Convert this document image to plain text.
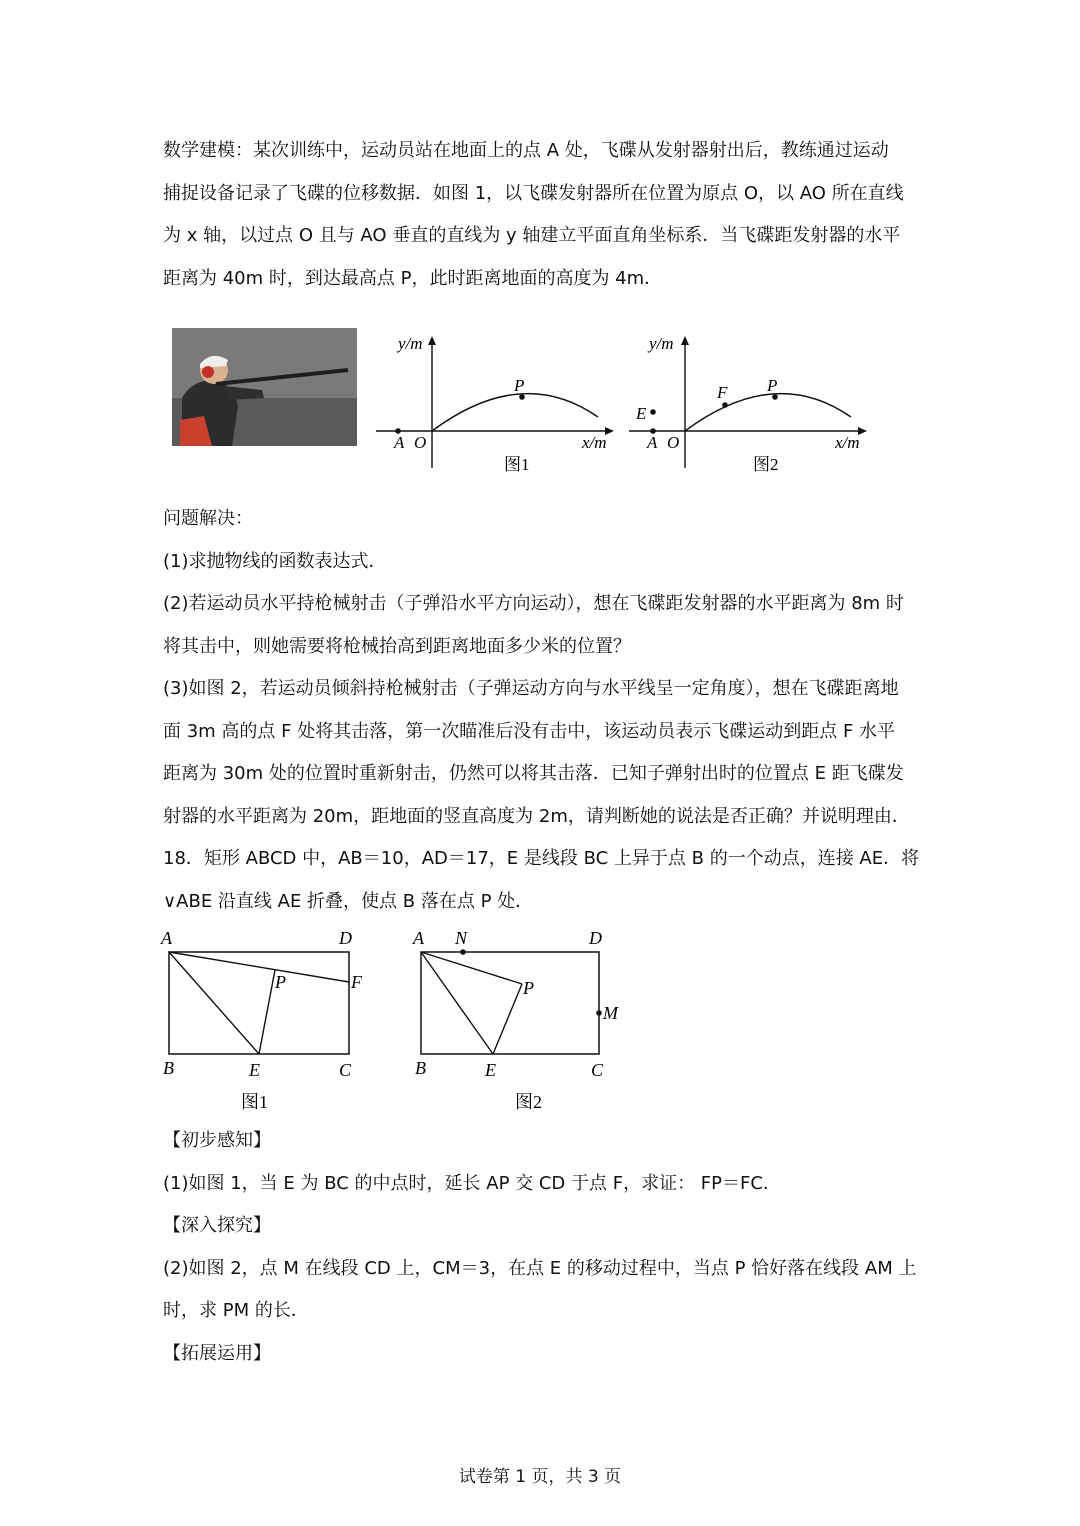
数学建模：某次训练中，运动员站在地面上的点 A 处，飞碟从发射器射出后，教练通过运动
捕捉设备记录了飞碟的位移数据．如图 1，以飞碟发射器所在位置为原点 O，以 AO 所在直线
为 x 轴，以过点 O 且与 AO 垂直的直线为 y 轴建立平面直角坐标系．当飞碟距发射器的水平
距离为 40m 时，到达最高点 P，此时距离地面的高度为 4m．
y/m
x/m
A O
P
图1
y/m
x/m
A O
P
F
E
图2
问题解决：
(1)求抛物线的函数表达式．
(2)若运动员水平持枪械射击（子弹沿水平方向运动），想在飞碟距发射器的水平距离为 8m 时
将其击中，则她需要将枪械抬高到距离地面多少米的位置？
(3)如图 2，若运动员倾斜持枪械射击（子弹运动方向与水平线呈一定角度），想在飞碟距离地
面 3m 高的点 F 处将其击落，第一次瞄准后没有击中，该运动员表示飞碟运动到距点 F 水平
距离为 30m 处的位置时重新射击，仍然可以将其击落．已知子弹射出时的位置点 E 距飞碟发
射器的水平距离为 20m，距地面的竖直高度为 2m，请判断她的说法是否正确？并说明理由．
18．矩形 ABCD 中，AB＝10，AD＝17，E 是线段 BC 上异于点 B 的一个动点，连接 AE．将
∨ABE 沿直线 AE 折叠，使点 B 落在点 P 处．
A	D
F
P
B	E	C
图1
A N	D
P
M
B	E	C
图2
【初步感知】
(1)如图 1，当 E 为 BC 的中点时，延长 AP 交 CD 于点 F，求证： FP＝FC．
【深入探究】
(2)如图 2，点 M 在线段 CD 上，CM＝3，在点 E 的移动过程中，当点 P 恰好落在线段 AM 上
时，求 PM 的长．
【拓展运用】
试卷第 1 页，共 3 页
